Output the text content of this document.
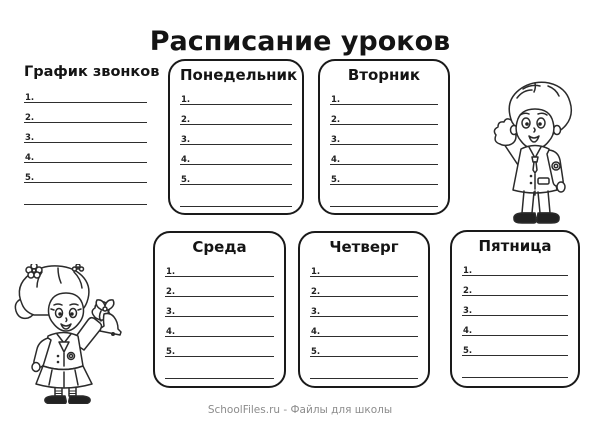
Расписание уроков
График звонков
1.
2.
3.
4.
5.
Понедельник
1.
2.
3.
4.
5.
Вторник
1.
2.
3.
4.
5.
Среда
1.
2.
3.
4.
5.
Четверг
1.
2.
3.
4.
5.
Пятница
1.
2.
3.
4.
5.
SchoolFiles.ru - Файлы для школы
